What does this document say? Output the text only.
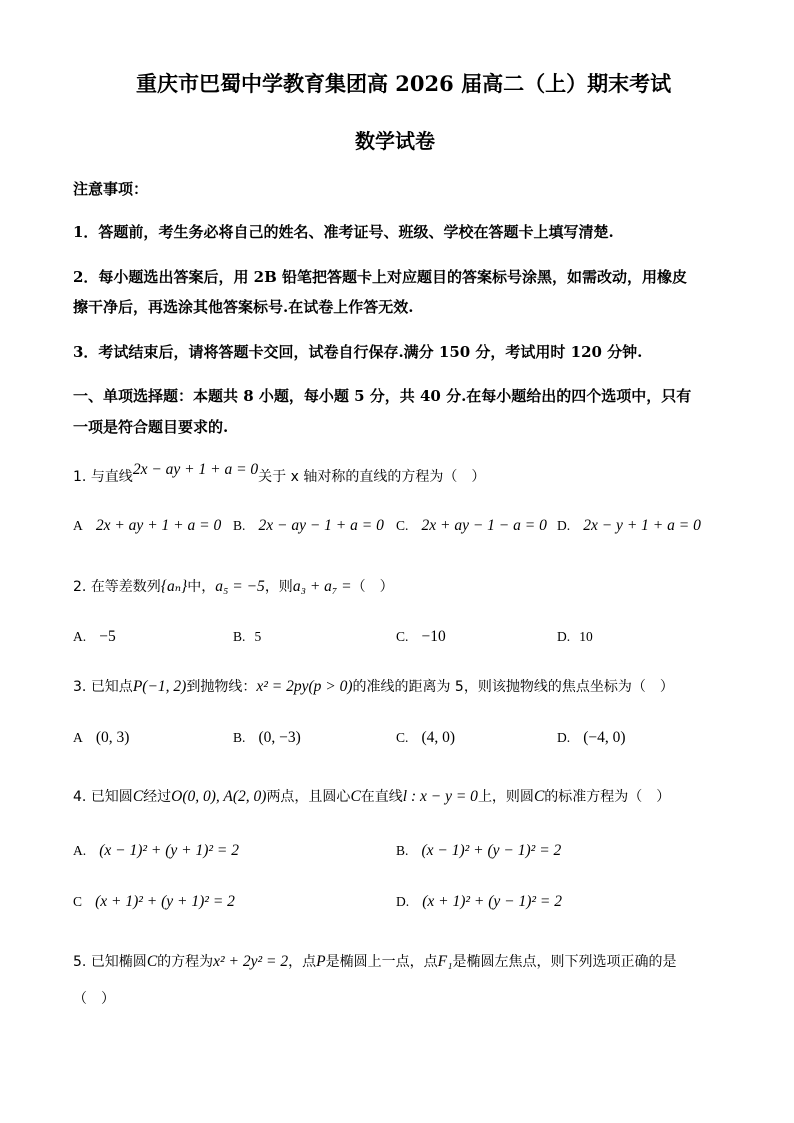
重庆市巴蜀中学教育集团高 2026 届高二（上）期末考试
数学试卷
注意事项：
1．答题前，考生务必将自己的姓名、准考证号、班级、学校在答题卡上填写清楚.
2．每小题选出答案后，用 2B 铅笔把答题卡上对应题目的答案标号涂黑，如需改动，用橡皮
擦干净后，再选涂其他答案标号.在试卷上作答无效.
3．考试结束后，请将答题卡交回，试卷自行保存.满分 150 分，考试用时 120 分钟.
一、单项选择题：本题共 8 小题，每小题 5 分，共 40 分.在每小题给出的四个选项中，只有
一项是符合题目要求的.
1. 与直线2x − ay + 1 + a = 0关于 x 轴对称的直线的方程为（　）
A 2x + ay + 1 + a = 0 B. 2x − ay − 1 + a = 0 C. 2x + ay − 1 − a = 0 D. 2x − y + 1 + a = 0
2. 在等差数列{aₙ}中，a₅ = −5，则a₃ + a₇ =（　）
A. −5	B. 5	C. −10	D. 10
3. 已知点P(−1, 2)到抛物线：x² = 2py(p > 0)的准线的距离为 5，则该抛物线的焦点坐标为（　）
A (0, 3)	B. (0, −3)	C. (4, 0)	D. (−4, 0)
4. 已知圆C经过O(0, 0), A(2, 0)两点，且圆心C在直线l : x − y = 0上，则圆C的标准方程为（　）
A. (x − 1)² + (y + 1)² = 2	B. (x − 1)² + (y − 1)² = 2
C (x + 1)² + (y + 1)² = 2	D. (x + 1)² + (y − 1)² = 2
5. 已知椭圆C的方程为x² + 2y² = 2，点P是椭圆上一点，点F₁是椭圆左焦点，则下列选项正确的是
（　）
